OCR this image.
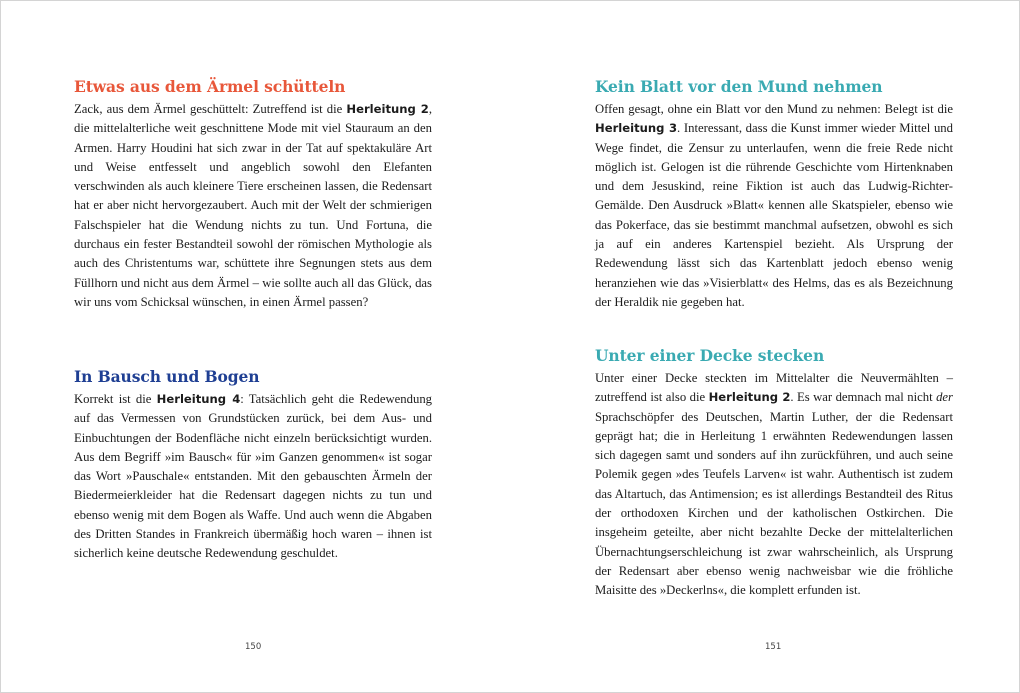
Etwas aus dem Ärmel schütteln

Zack, aus dem Ärmel geschüttelt: Zutreffend ist die Herleitung 2, die mittelalterliche weit geschnittene Mode mit viel Stauraum an den Armen. Harry Houdini hat sich zwar in der Tat auf spektakuläre Art und Weise entfesselt und angeblich sowohl den Elefanten verschwinden als auch kleinere Tiere erscheinen lassen, die Redensart hat er aber nicht hervorgezaubert. Auch mit der Welt der schmierigen Falschspieler hat die Wendung nichts zu tun. Und Fortuna, die durchaus ein fester Bestandteil sowohl der römischen Mythologie als auch des Christentums war, schüttete ihre Segnungen stets aus dem Füllhorn und nicht aus dem Ärmel – wie sollte auch all das Glück, das wir uns vom Schicksal wünschen, in einen Ärmel passen?

In Bausch und Bogen

Korrekt ist die Herleitung 4: Tatsächlich geht die Redewendung auf das Vermessen von Grundstücken zurück, bei dem Aus- und Einbuchtungen der Bodenfläche nicht einzeln berücksichtigt wurden. Aus dem Begriff »im Bausch« für »im Ganzen genommen« ist sogar das Wort »Pauschale« entstanden. Mit den gebauschten Ärmeln der Biedermeierkleider hat die Redensart dagegen nichts zu tun und ebenso wenig mit dem Bogen als Waffe. Und auch wenn die Abgaben des Dritten Standes in Frankreich übermäßig hoch waren – ihnen ist sicherlich keine deutsche Redewendung geschuldet.

Kein Blatt vor den Mund nehmen

Offen gesagt, ohne ein Blatt vor den Mund zu nehmen: Belegt ist die Herleitung 3. Interessant, dass die Kunst immer wieder Mittel und Wege findet, die Zensur zu unterlaufen, wenn die freie Rede nicht möglich ist. Gelogen ist die rührende Geschichte vom Hirtenknaben und dem Jesuskind, reine Fiktion ist auch das Ludwig-Richter-Gemälde. Den Ausdruck »Blatt« kennen alle Skatspieler, ebenso wie das Pokerface, das sie bestimmt manchmal aufsetzen, obwohl es sich ja auf ein anderes Kartenspiel bezieht. Als Ursprung der Redewendung lässt sich das Kartenblatt jedoch ebenso wenig heranziehen wie das »Visierblatt« des Helms, das es als Bezeichnung der Heraldik nie gegeben hat.

Unter einer Decke stecken

Unter einer Decke steckten im Mittelalter die Neuvermählten – zutreffend ist also die Herleitung 2. Es war demnach mal nicht der Sprachschöpfer des Deutschen, Martin Luther, der die Redensart geprägt hat; die in Herleitung 1 erwähnten Redewendungen lassen sich dagegen samt und sonders auf ihn zurückführen, und auch seine Polemik gegen »des Teufels Larven« ist wahr. Authentisch ist zudem das Altartuch, das Antimension; es ist allerdings Bestandteil des Ritus der orthodoxen Kirchen und der katholischen Ostkirchen. Die insgeheim geteilte, aber nicht bezahlte Decke der mittelalterlichen Übernachtungserschleichung ist zwar wahrscheinlich, als Ursprung der Redensart aber ebenso wenig nachweisbar wie die fröhliche Maisitte des »Deckerlns«, die komplett erfunden ist.

150	151
